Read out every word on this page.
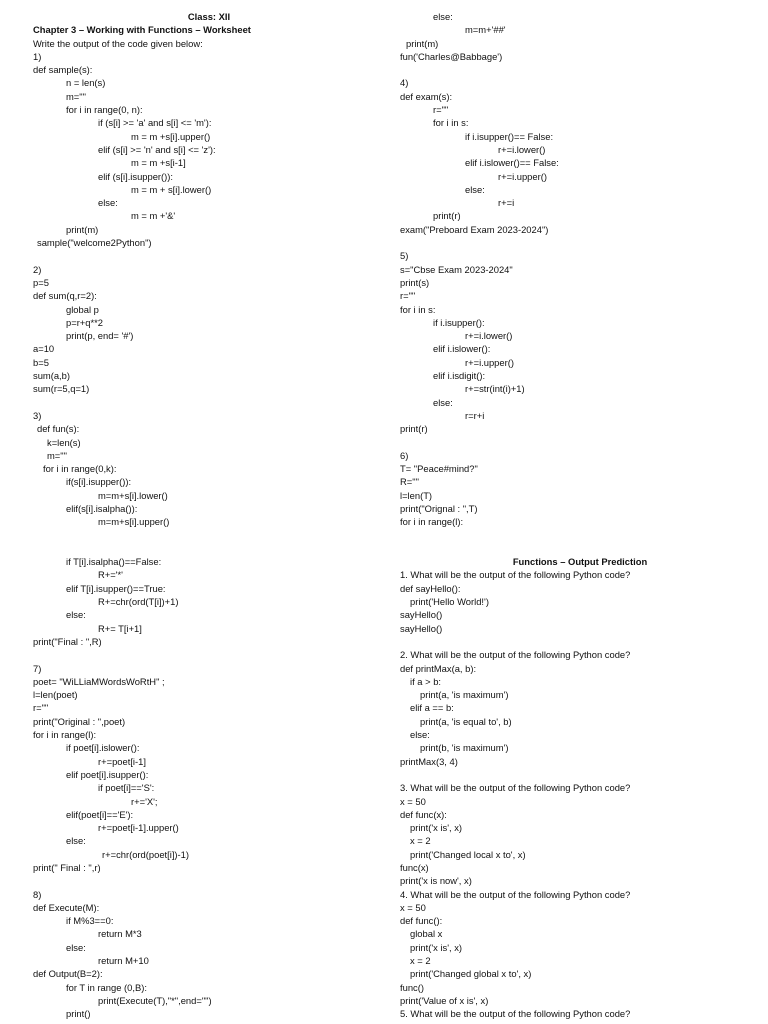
Class: XII
Chapter 3 – Working with Functions – Worksheet
Write the output of the code given below:
1)
def sample(s):
n = len(s)
m=""
for i in range(0, n):
if (s[i] >= 'a' and s[i] <= 'm'):
m = m +s[i].upper()
elif (s[i] >= 'n' and s[i] <= 'z'):
m = m +s[i-1]
elif (s[i].isupper()):
m = m + s[i].lower()
else:
m = m +'&'
print(m)
sample("welcome2Python")
2)
p=5
def sum(q,r=2):
global p
p=r+q**2
print(p, end= '#')
a=10
b=5
sum(a,b)
sum(r=5,q=1)
3)
def fun(s):
k=len(s)
m=""
for i in range(0,k):
if(s[i].isupper()):
m=m+s[i].lower()
elif(s[i].isalpha()):
m=m+s[i].upper()
if T[i].isalpha()==False:
R+='*'
elif T[i].isupper()==True:
R+=chr(ord(T[i])+1)
else:
R+= T[i+1]
print("Final : ",R)
7)
poet= "WiLLiaMWordsWoRtH" ;
l=len(poet)
r=""
print("Original : ",poet)
for i in range(l):
if poet[i].islower():
r+=poet[i-1]
elif poet[i].isupper():
if poet[i]=='S':
r+='X';
elif(poet[i]=='E'):
r+=poet[i-1].upper()
else:
r+=chr(ord(poet[i])-1)
print(" Final : ",r)
8)
def Execute(M):
if M%3==0:
return M*3
else:
return M+10
def Output(B=2):
for T in range (0,B):
print(Execute(T),"*",end="")
print()
else:
m=m+'##'
print(m)
fun('Charles@Babbage')
4)
def exam(s):
r=""
for i in s:
if i.isupper()== False:
r+=i.lower()
elif i.islower()== False:
r+=i.upper()
else:
r+=i
print(r)
exam("Preboard Exam 2023-2024")
5)
s="Cbse Exam 2023-2024"
print(s)
r=""
for i in s:
if i.isupper():
r+=i.lower()
elif i.islower():
r+=i.upper()
elif i.isdigit():
r+=str(int(i)+1)
else:
r=r+i
print(r)
6)
T= "Peace#mind?"
R=""
l=len(T)
print("Orignal : ",T)
for i in range(l):
Functions – Output Prediction
1. What will be the output of the following Python code?
def sayHello():
print('Hello World!')
sayHello()
sayHello()
2. What will be the output of the following Python code?
def printMax(a, b):
if a > b:
print(a, 'is maximum')
elif a == b:
print(a, 'is equal to', b)
else:
print(b, 'is maximum')
printMax(3, 4)
3. What will be the output of the following Python code?
x = 50
def func(x):
print('x is', x)
x = 2
print('Changed local x to', x)
func(x)
print('x is now', x)
4. What will be the output of the following Python code?
x = 50
def func():
global x
print('x is', x)
x = 2
print('Changed global x to', x)
func()
print('Value of x is', x)
5. What will be the output of the following Python code?
